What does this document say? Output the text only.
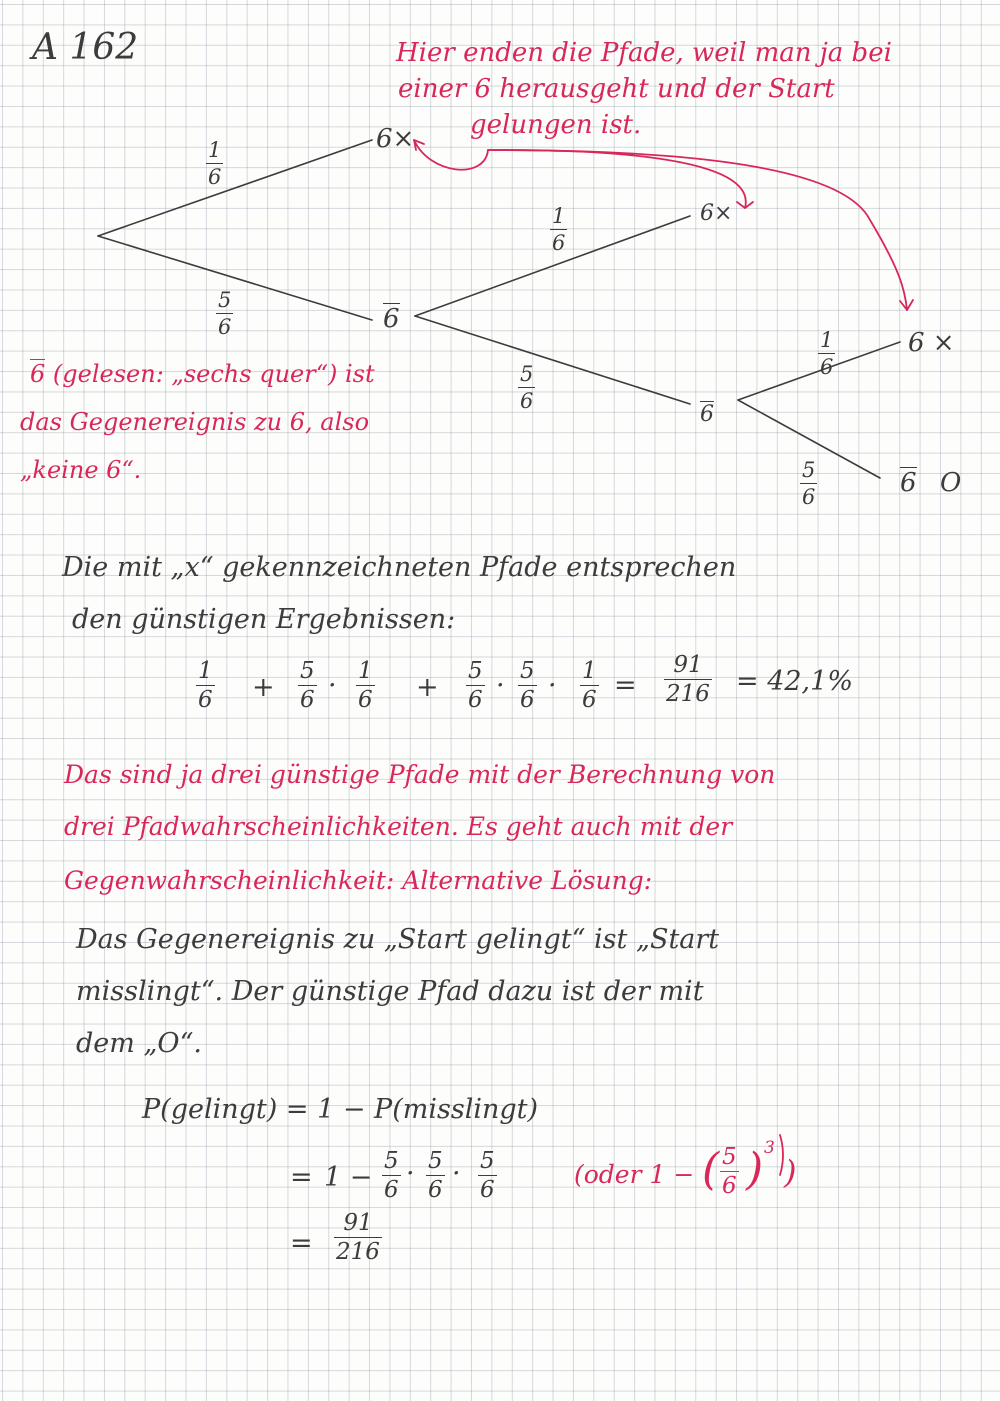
A 162	Hier enden die Pfade, weil man ja bei
einer 6 herausgeht und der Start
gelungen ist.
$\frac{1}{6}$
$\frac{5}{6}$
6×
6
$\frac{1}{6}$
$\frac{5}{6}$
6×
6
$\frac{1}{6}$
$\frac{5}{6}$
6 ×
6 O
6 (gelesen: „sechs quer“) ist
das Gegenereignis zu 6, also
„keine 6“.
Die mit „x“ gekennzeichneten Pfade entsprechen
den günstigen Ergebnissen:
$\frac{1}{6} + \frac{5}{6} \cdot \frac{1}{6} + \frac{5}{6} \cdot \frac{5}{6} \cdot \frac{1}{6} = \frac{91}{216} = 42,1\%$
Das sind ja drei günstige Pfade mit der Berechnung von
drei Pfadwahrscheinlichkeiten. Es geht auch mit der
Gegenwahrscheinlichkeit: Alternative Lösung:
Das Gegenereignis zu „Start gelingt“ ist „Start
misslingt“. Der günstige Pfad dazu ist der mit
dem „O“.
P(gelingt) = 1 − P(misslingt)
= $1 - \frac{5}{6} \cdot \frac{5}{6} \cdot \frac{5}{6}$	(oder 1 − ( $\frac{5}{6}$ ) 3
)
= $\frac{91}{216}$
